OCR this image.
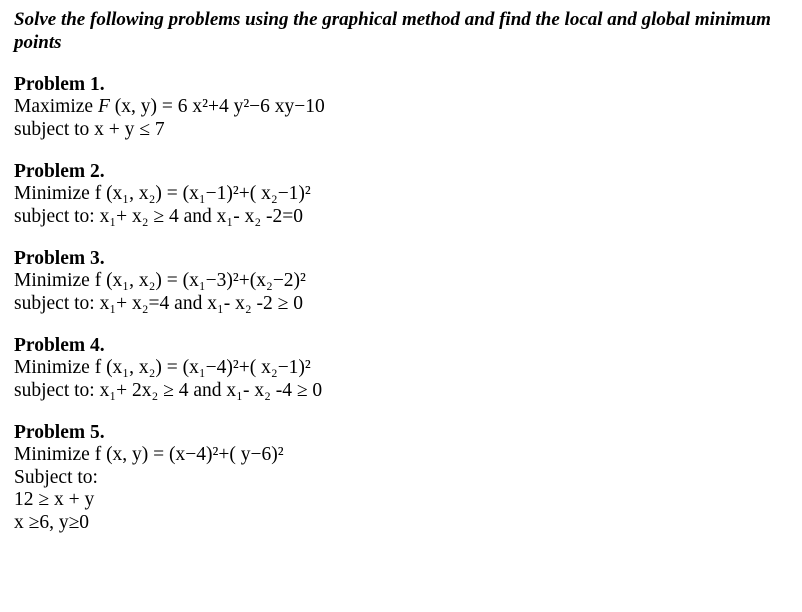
Solve the following problems using the graphical method and find the local and global minimum points

Problem 1.

Maximize F (x, y) = 6 x²+4 y²−6 xy−10

subject to x + y ≤ 7

Problem 2.

Minimize f (x₁, x₂) = (x₁−1)²+( x₂−1)²

subject to: x₁+ x₂ ≥ 4 and x₁- x₂ -2=0

Problem 3.

Minimize f (x₁, x₂) = (x₁−3)²+(x₂−2)²

subject to: x₁+ x₂=4 and x₁- x₂ -2 ≥ 0

Problem 4.

Minimize f (x₁, x₂) = (x₁−4)²+( x₂−1)²

subject to: x₁+ 2x₂ ≥ 4 and x₁- x₂ -4 ≥ 0

Problem 5.

Minimize f (x, y) = (x−4)²+( y−6)²

Subject to:

12 ≥ x + y

x ≥6, y≥0
